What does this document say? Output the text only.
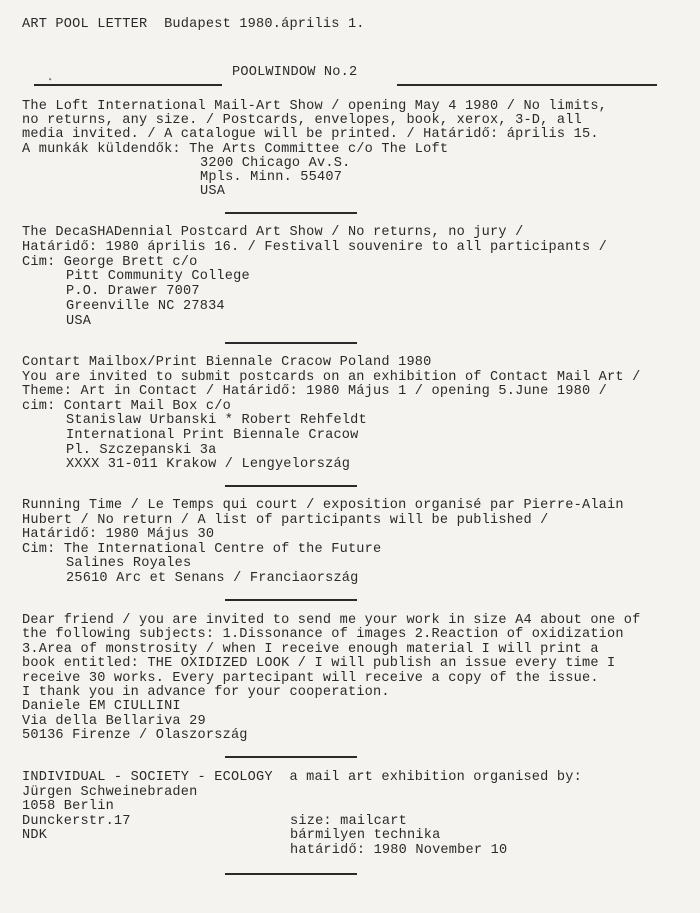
ART POOL LETTER  Budapest 1980.április 1.

˛	POOLWINDOW No.2

The Loft International Mail-Art Show / opening May 4 1980 / No limits,

no returns, any size. / Postcards, envelopes, book, xerox, 3-D, all

media invited. / A catalogue will be printed. / Határidő: április 15.

A munkák küldendők: The Arts Committee c/o The Loft

3200 Chicago Av.S.

Mpls. Minn. 55407

USA

The DecaSHADennial Postcard Art Show / No returns, no jury /

Határidő: 1980 április 16. / Festivall souvenire to all participants /

Cim: George Brett c/o

Pitt Community College

P.O. Drawer 7007

Greenville NC 27834

USA

Contart Mailbox/Print Biennale Cracow Poland 1980

You are invited to submit postcards on an exhibition of Contact Mail Art /

Theme: Art in Contact / Határidő: 1980 Május 1 / opening 5.June 1980 /

cim: Contart Mail Box c/o

Stanislaw Urbanski * Robert Rehfeldt

International Print Biennale Cracow

Pl. Szczepanski 3a

XXXX 31-011 Krakow / Lengyelország

Running Time / Le Temps qui court / exposition organisé par Pierre-Alain

Hubert / No return / A list of participants will be published /

Határidő: 1980 Május 30

Cim: The International Centre of the Future

Salines Royales

25610 Arc et Senans / Franciaország

Dear friend / you are invited to send me your work in size A4 about one of

the following subjects: 1.Dissonance of images 2.Reaction of oxidization

3.Area of monstrosity / when I receive enough material I will print a

book entitled: THE OXIDIZED LOOK / I will publish an issue every time I

receive 30 works. Every partecipant will receive a copy of the issue.

I thank you in advance for your cooperation.

Daniele EM CIULLINI

Via della Bellariva 29

50136 Firenze / Olaszország

INDIVIDUAL - SOCIETY - ECOLOGY  a mail art exhibition organised by:

Jürgen Schweinebraden

1058 Berlin

Dunckerstr.17

NDK

size: mailcart

bármilyen technika

határidő: 1980 November 10
